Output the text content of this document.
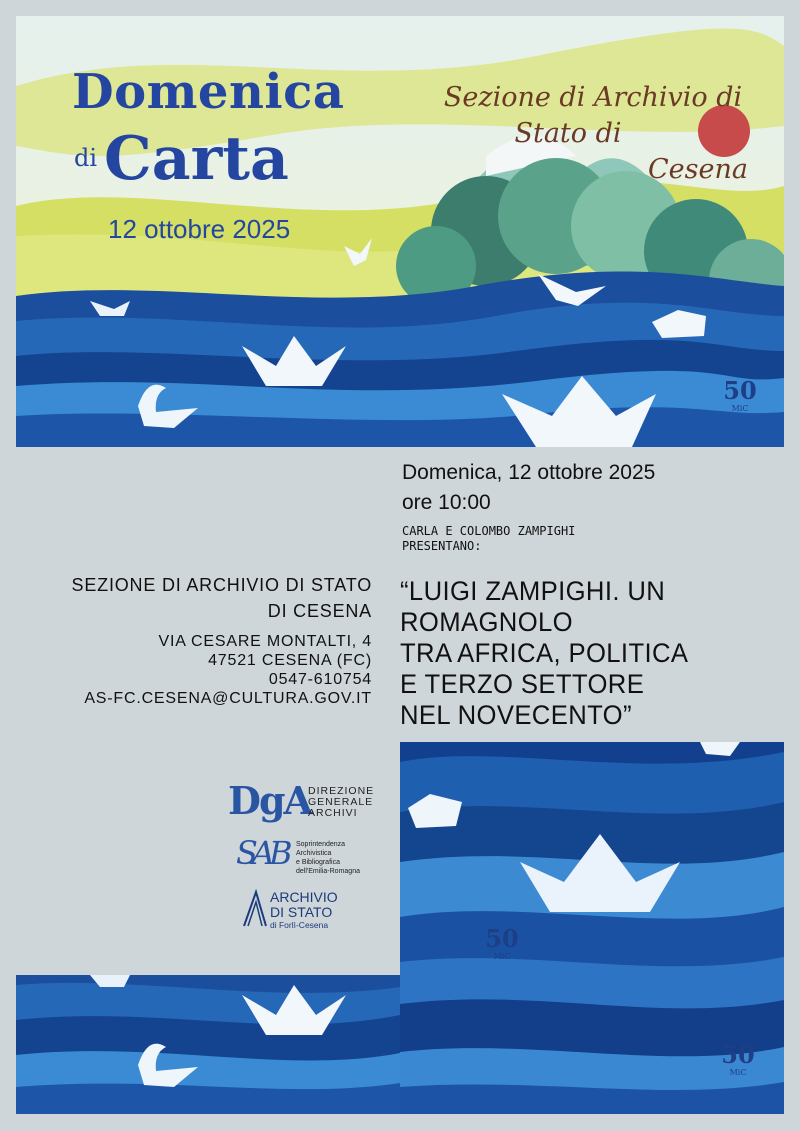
Domenica
di Carta
12 ottobre 2025
Sezione di Archivio di
Stato di
Cesena
50
MiC
Domenica, 12 ottobre 2025
ore 10:00
CARLA E COLOMBO ZAMPIGHI
PRESENTANO:
“LUIGI ZAMPIGHI. UN
ROMAGNOLO
TRA AFRICA, POLITICA
E TERZO SETTORE
NEL NOVECENTO”
SEZIONE DI ARCHIVIO DI STATO
DI CESENA
VIA CESARE MONTALTI, 4
47521 CESENA (FC)
0547-610754
AS-FC.CESENA@CULTURA.GOV.IT
50
MiC
50
MiC
DgA
DIREZIONE
GENERALE
ARCHIVI
SAB Soprintendenza
Archivistica
e Bibliografica
dell'Emilia-Romagna
ARCHIVIO
DI STATO
di Forlì-Cesena
